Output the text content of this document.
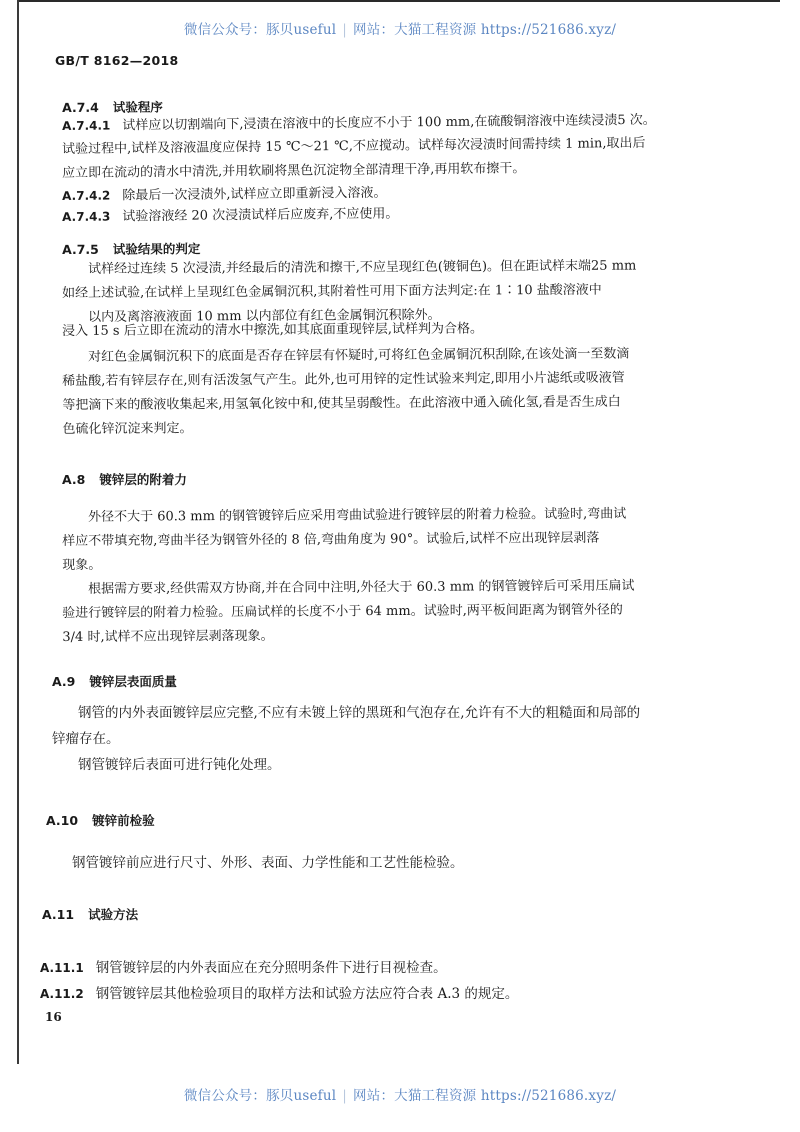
微信公众号：豚贝useful | 网站：大猫工程资源 https://521686.xyz/
GB/T 8162—2018
A.7.4 试验程序
A.7.4.1 试样应以切割端向下,浸渍在溶液中的长度应不小于 100 mm,在硫酸铜溶液中连续浸渍5 次。
试验过程中,试样及溶液温度应保持 15 ℃～21 ℃,不应搅动。试样每次浸渍时间需持续 1 min,取出后
应立即在流动的清水中清洗,并用软刷将黑色沉淀物全部清理干净,再用软布擦干。
A.7.4.2 除最后一次浸渍外,试样应立即重新浸入溶液。
A.7.4.3 试验溶液经 20 次浸渍试样后应废弃,不应使用。
A.7.5 试验结果的判定
试样经过连续 5 次浸渍,并经最后的清洗和擦干,不应呈现红色(镀铜色)。但在距试样末端25 mm
如经上述试验,在试样上呈现红色金属铜沉积,其附着性可用下面方法判定:在 1∶10 盐酸溶液中
以内及离溶液液面 10 mm 以内部位有红色金属铜沉积除外。
浸入 15 s 后立即在流动的清水中擦洗,如其底面重现锌层,试样判为合格。
对红色金属铜沉积下的底面是否存在锌层有怀疑时,可将红色金属铜沉积刮除,在该处滴一至数滴
稀盐酸,若有锌层存在,则有活泼氢气产生。此外,也可用锌的定性试验来判定,即用小片滤纸或吸液管
等把滴下来的酸液收集起来,用氢氧化铵中和,使其呈弱酸性。在此溶液中通入硫化氢,看是否生成白
色硫化锌沉淀来判定。
A.8 镀锌层的附着力
外径不大于 60.3 mm 的钢管镀锌后应采用弯曲试验进行镀锌层的附着力检验。试验时,弯曲试
样应不带填充物,弯曲半径为钢管外径的 8 倍,弯曲角度为 90°。试验后,试样不应出现锌层剥落
现象。
根据需方要求,经供需双方协商,并在合同中注明,外径大于 60.3 mm 的钢管镀锌后可采用压扁试
验进行镀锌层的附着力检验。压扁试样的长度不小于 64 mm。试验时,两平板间距离为钢管外径的
3/4 时,试样不应出现锌层剥落现象。
A.9 镀锌层表面质量
钢管的内外表面镀锌层应完整,不应有未镀上锌的黑斑和气泡存在,允许有不大的粗糙面和局部的
锌瘤存在。
钢管镀锌后表面可进行钝化处理。
A.10 镀锌前检验
钢管镀锌前应进行尺寸、外形、表面、力学性能和工艺性能检验。
A.11 试验方法
A.11.1 钢管镀锌层的内外表面应在充分照明条件下进行目视检查。
A.11.2 钢管镀锌层其他检验项目的取样方法和试验方法应符合表 A.3 的规定。
16
微信公众号：豚贝useful | 网站：大猫工程资源 https://521686.xyz/
